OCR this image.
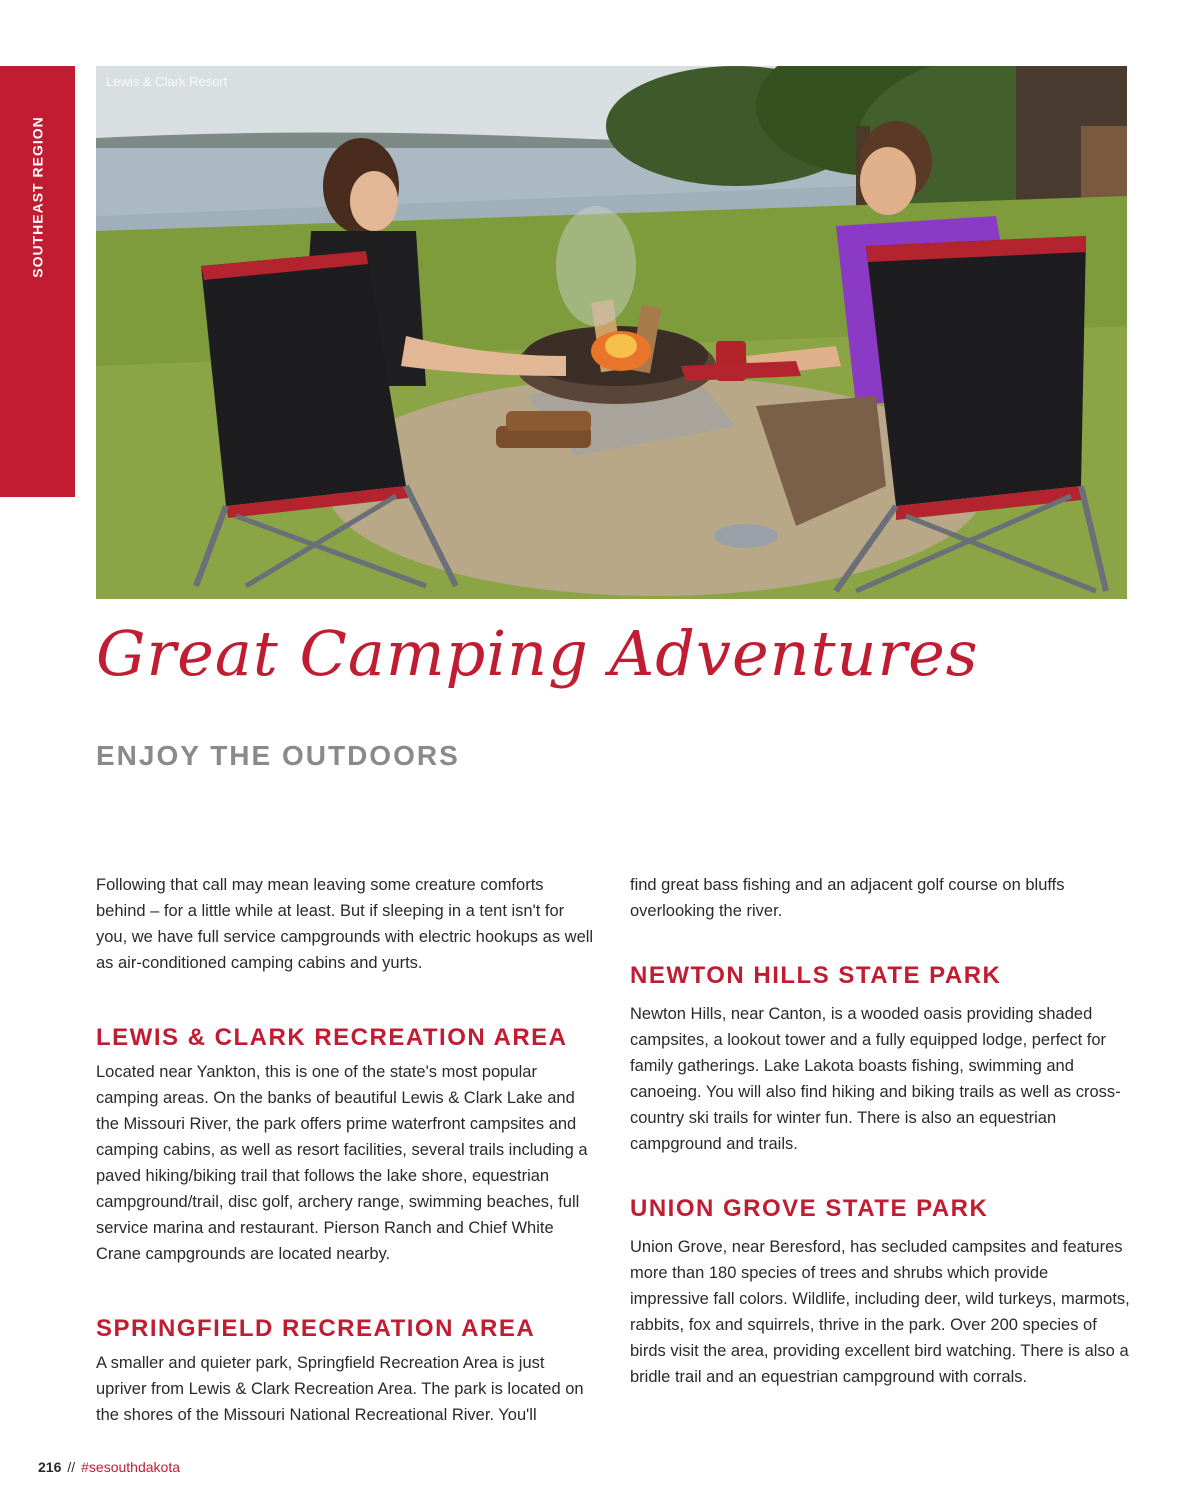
SOUTHEAST REGION
Lewis & Clark Resort
Great Camping Adventures
ENJOY THE OUTDOORS

Following that call may mean leaving some creature comforts behind – for a little while at least. But if sleeping in a tent isn't for you, we have full service campgrounds with electric hookups as well as air-conditioned camping cabins and yurts.

LEWIS & CLARK RECREATION AREA

Located near Yankton, this is one of the state's most popular camping areas. On the banks of beautiful Lewis & Clark Lake and the Missouri River, the park offers prime waterfront campsites and camping cabins, as well as resort facilities, several trails including a paved hiking/biking trail that follows the lake shore, equestrian campground/trail, disc golf, archery range, swimming beaches, full service marina and restaurant. Pierson Ranch and Chief White Crane campgrounds are located nearby.

SPRINGFIELD RECREATION AREA

A smaller and quieter park, Springfield Recreation Area is just upriver from Lewis & Clark Recreation Area. The park is located on the shores of the Missouri National Recreational River. You'll

find great bass fishing and an adjacent golf course on bluffs overlooking the river.

NEWTON HILLS STATE PARK

Newton Hills, near Canton, is a wooded oasis providing shaded campsites, a lookout tower and a fully equipped lodge, perfect for family gatherings. Lake Lakota boasts fishing, swimming and canoeing. You will also find hiking and biking trails as well as cross-country ski trails for winter fun. There is also an equestrian campground and trails.

UNION GROVE STATE PARK

Union Grove, near Beresford, has secluded campsites and features more than 180 species of trees and shrubs which provide impressive fall colors. Wildlife, including deer, wild turkeys, marmots, rabbits, fox and squirrels, thrive in the park. Over 200 species of birds visit the area, providing excellent bird watching. There is also a bridle trail and an equestrian campground with corrals.

216 // #sesouthdakota
